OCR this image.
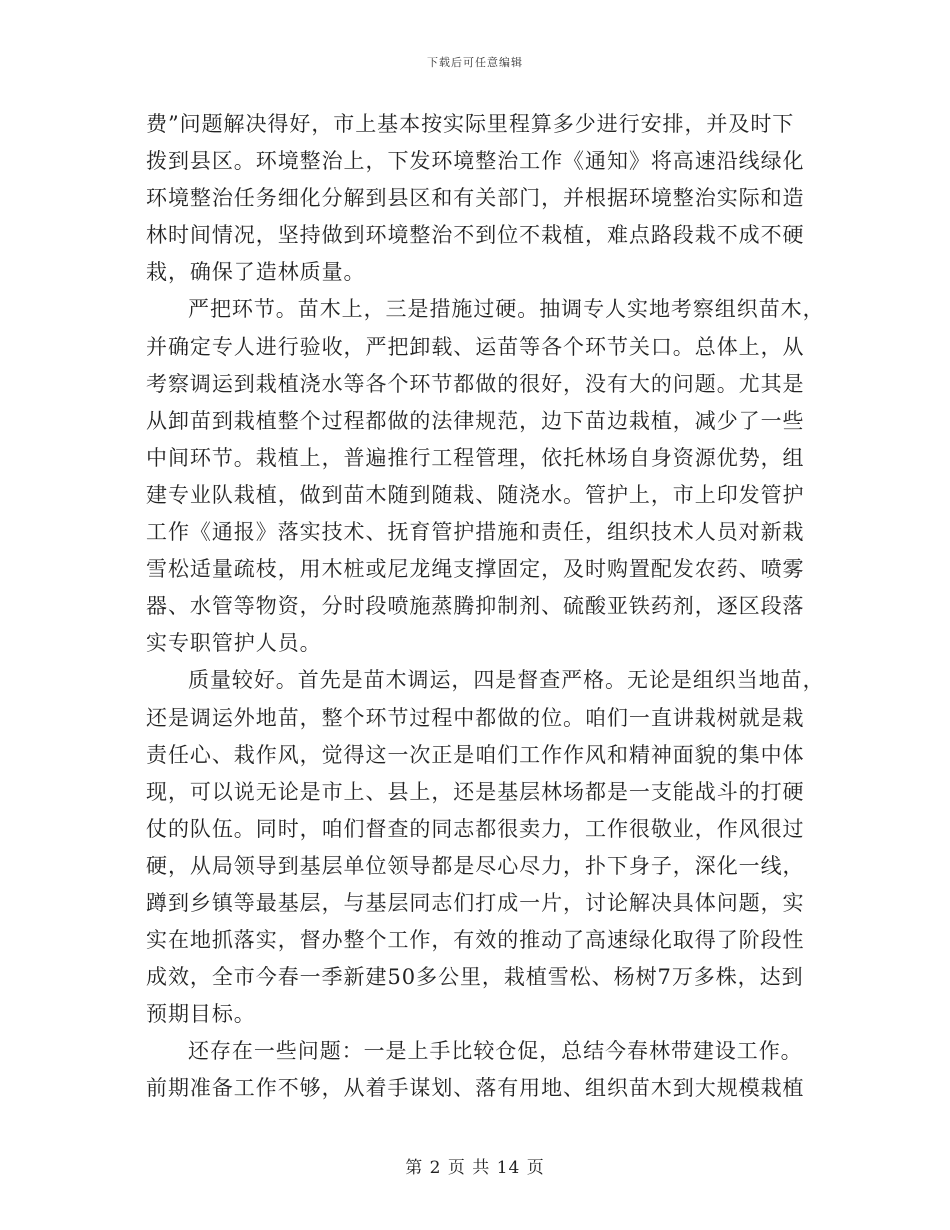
下载后可任意编辑
费”问题解决得好，市上基本按实际里程算多少进行安排，并及时下
拨到县区。环境整治上，下发环境整治工作《通知》将高速沿线绿化
环境整治任务细化分解到县区和有关部门，并根据环境整治实际和造
林时间情况，坚持做到环境整治不到位不栽植，难点路段栽不成不硬
栽，确保了造林质量。
严把环节。苗木上，三是措施过硬。抽调专人实地考察组织苗木，
并确定专人进行验收，严把卸载、运苗等各个环节关口。总体上，从
考察调运到栽植浇水等各个环节都做的很好，没有大的问题。尤其是
从卸苗到栽植整个过程都做的法律规范，边下苗边栽植，减少了一些
中间环节。栽植上，普遍推行工程管理，依托林场自身资源优势，组
建专业队栽植，做到苗木随到随栽、随浇水。管护上，市上印发管护
工作《通报》落实技术、抚育管护措施和责任，组织技术人员对新栽
雪松适量疏枝，用木桩或尼龙绳支撑固定，及时购置配发农药、喷雾
器、水管等物资，分时段喷施蒸腾抑制剂、硫酸亚铁药剂，逐区段落
实专职管护人员。
质量较好。首先是苗木调运，四是督查严格。无论是组织当地苗，
还是调运外地苗，整个环节过程中都做的位。咱们一直讲栽树就是栽
责任心、栽作风，觉得这一次正是咱们工作作风和精神面貌的集中体
现，可以说无论是市上、县上，还是基层林场都是一支能战斗的打硬
仗的队伍。同时，咱们督查的同志都很卖力，工作很敬业，作风很过
硬，从局领导到基层单位领导都是尽心尽力，扑下身子，深化一线，
蹲到乡镇等最基层，与基层同志们打成一片，讨论解决具体问题，实
实在地抓落实，督办整个工作，有效的推动了高速绿化取得了阶段性
成效，全市今春一季新建50多公里，栽植雪松、杨树7万多株，达到
预期目标。
还存在一些问题：一是上手比较仓促，总结今春林带建设工作。
前期准备工作不够，从着手谋划、落有用地、组织苗木到大规模栽植
第 2 页 共 14 页
